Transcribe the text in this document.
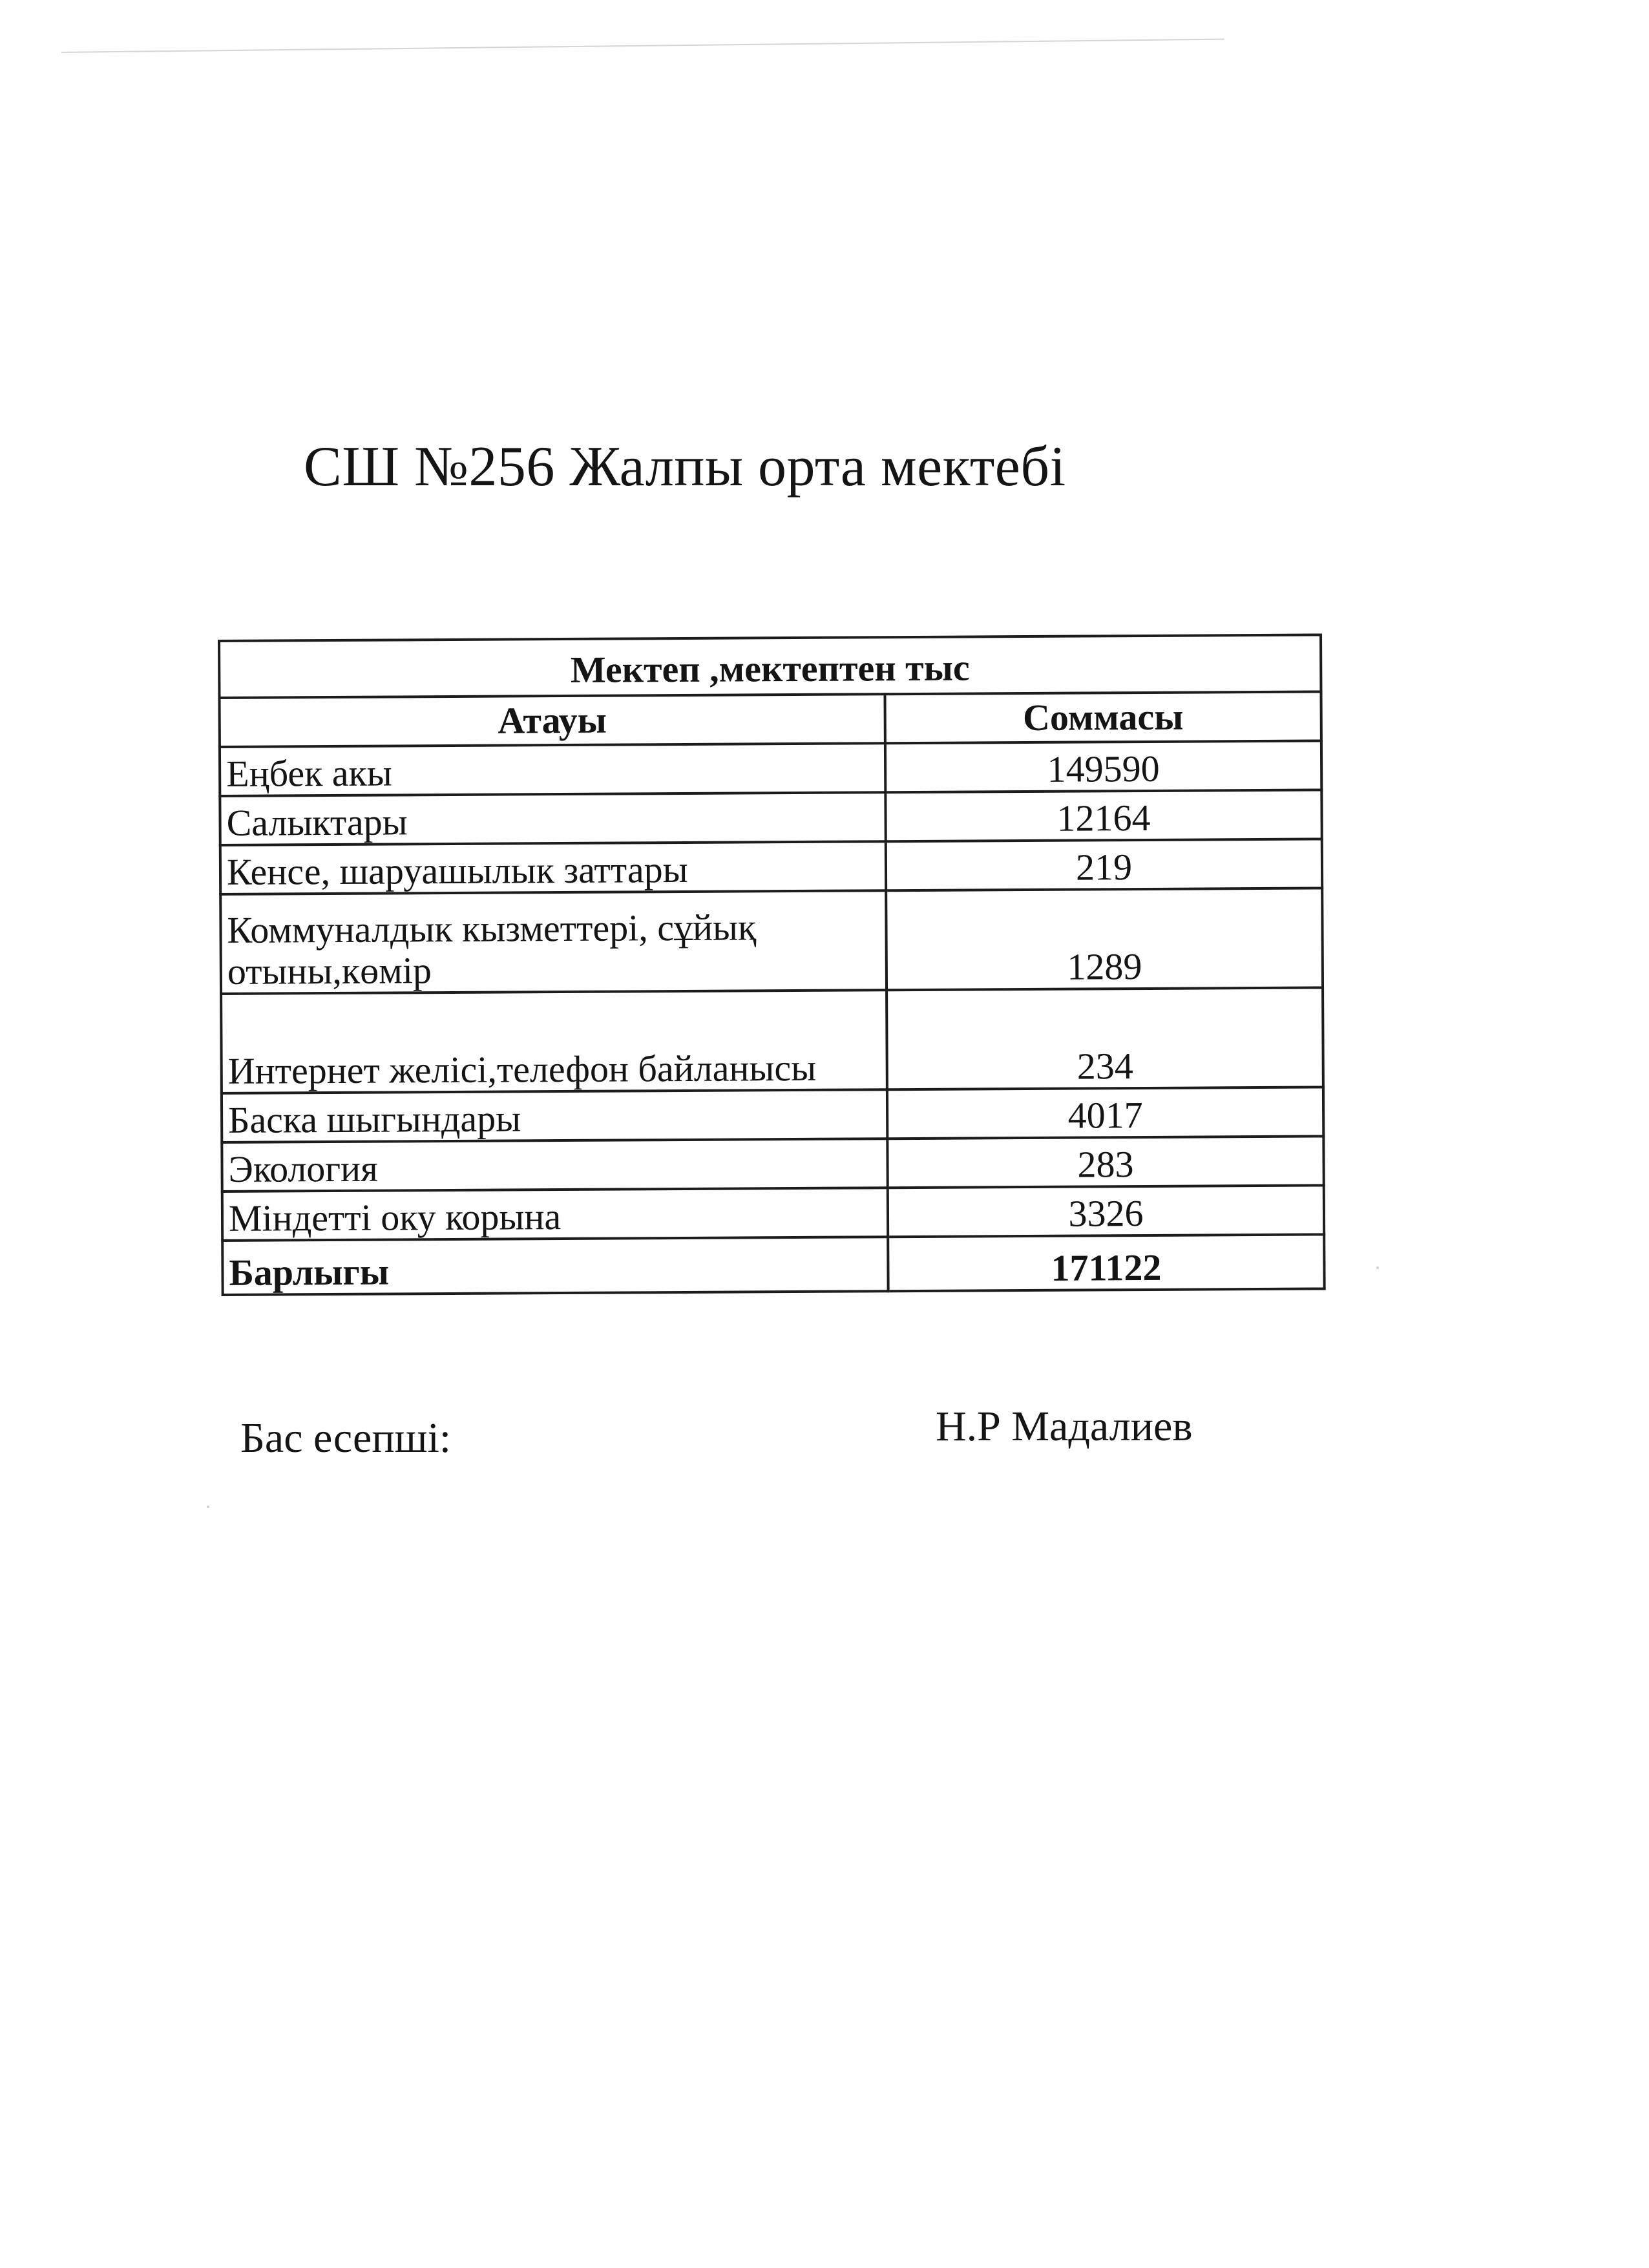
СШ №256 Жалпы орта мектебі
Мектеп ,мектептен тыс	
Атауы	Соммасы
Еңбек акы	149590
Салыктары	12164
Кенсе, шаруашылык заттары	219
Коммуналдык кызметтері, сұйық отыны,көмір	1289
Интернет желісі,телефон байланысы	234
Баска шыгындары	4017
Экология	283
Міндетті оку корына	3326
Барлыгы	171122
Бас есепші:	Н.Р Мадалиев
